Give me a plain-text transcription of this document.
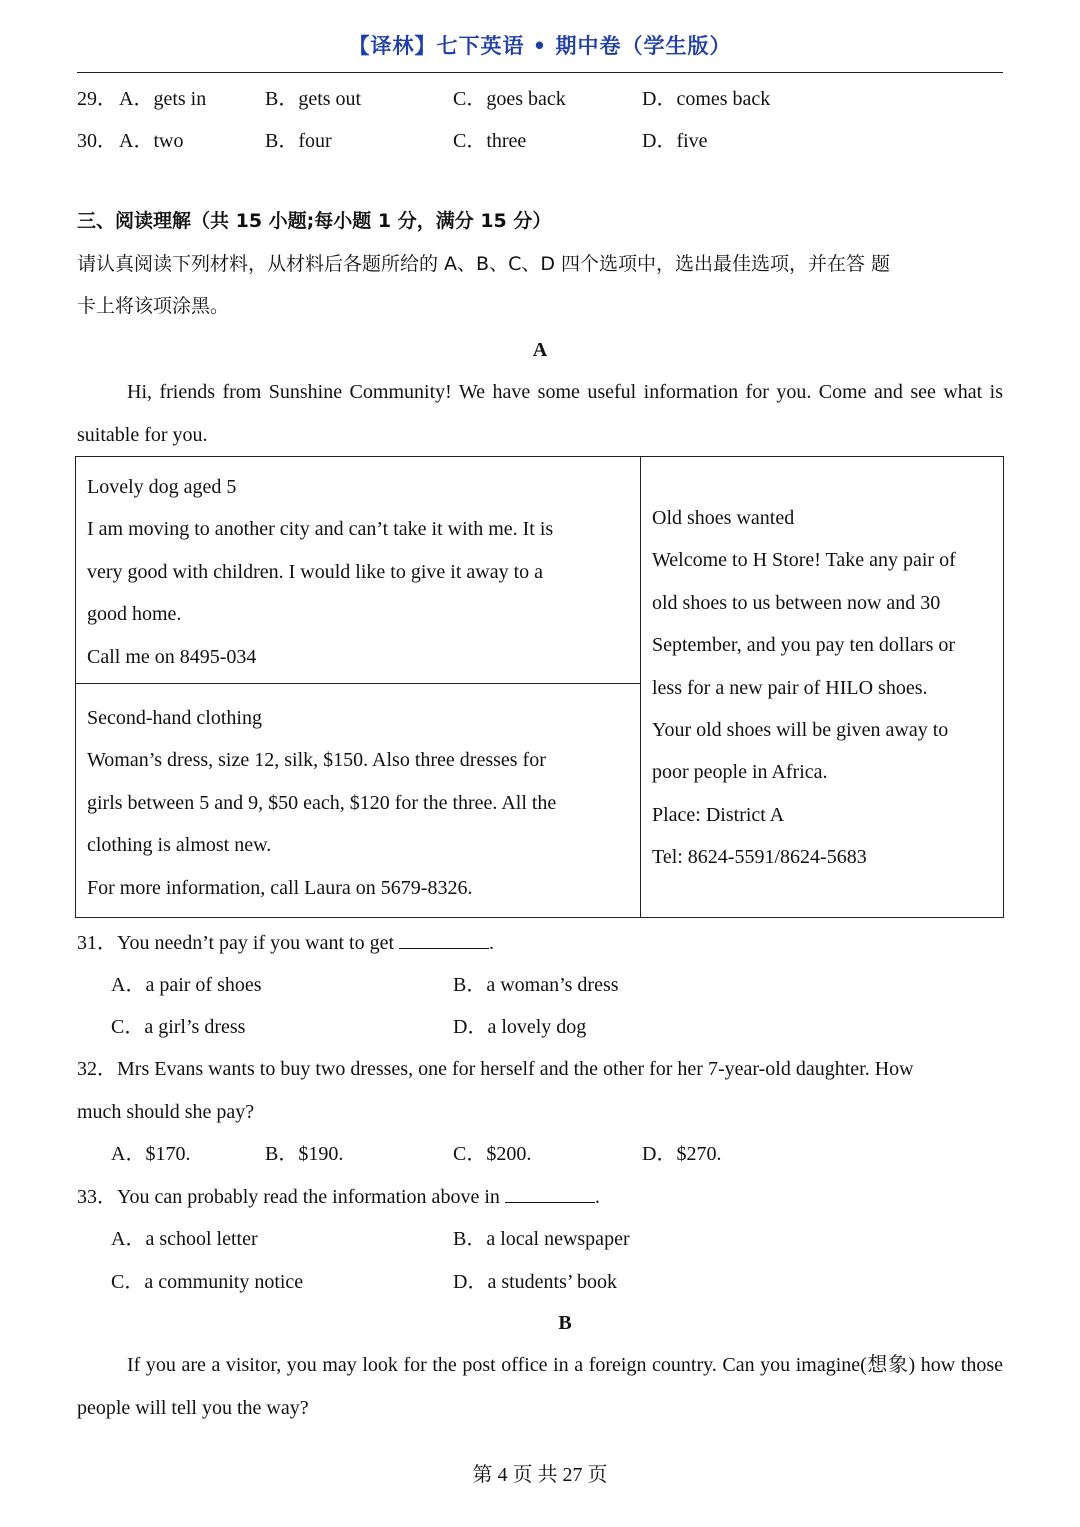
【译林】七下英语 • 期中卷（学生版）
29． A．gets in	B．gets out	C．goes back	D．comes back
30． A．two	B．four	C．three	D．five
三、阅读理解（共 15 小题;每小题 1 分，满分 15 分）
请认真阅读下列材料，从材料后各题所给的 A、B、C、D 四个选项中，选出最佳选项，并在答 题
卡上将该项涂黑。
A
Hi, friends from Sunshine Community! We have some useful information for you. Come and see what is suitable for you.
Lovely dog aged 5
I am moving to another city and can’t take it with me. It is
very good with children. I would like to give it away to a
good home.
Call me on 8495-034
Second-hand clothing
Woman’s dress, size 12, silk, $150. Also three dresses for
girls between 5 and 9, $50 each, $120 for the three. All the
clothing is almost new.
For more information, call Laura on 5679-8326.
Old shoes wanted
Welcome to H Store! Take any pair of
old shoes to us between now and 30
September, and you pay ten dollars or
less for a new pair of HILO shoes.
Your old shoes will be given away to
poor people in Africa.
Place: District A
Tel: 8624-5591/8624-5683
31．You needn’t pay if you want to get	.
A．a pair of shoes	B．a woman’s dress
C．a girl’s dress	D．a lovely dog
32．Mrs Evans wants to buy two dresses, one for herself and the other for her 7-year-old daughter. How
much should she pay?
A．$170.	B．$190.	C．$200.	D．$270.
33．You can probably read the information above in	.
A．a school letter	B．a local newspaper
C．a community notice	D．a students’ book
B
If you are a visitor, you may look for the post office in a foreign country. Can you imagine(想象) how those people will tell you the way?
第 4 页 共 27 页
